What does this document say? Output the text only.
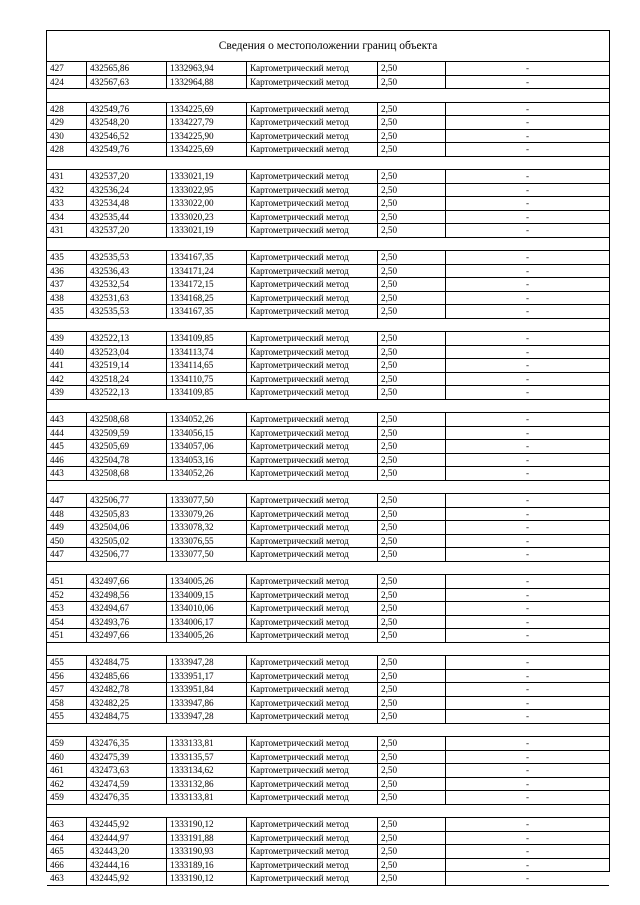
Сведения о местоположении границ объекта
427	432565,86	1332963,94	Картометрический метод	2,50	-
424	432567,63	1332964,88	Картометрический метод	2,50	-
428	432549,76	1334225,69	Картометрический метод	2,50	-
429	432548,20	1334227,79	Картометрический метод	2,50	-
430	432546,52	1334225,90	Картометрический метод	2,50	-
428	432549,76	1334225,69	Картометрический метод	2,50	-
431	432537,20	1333021,19	Картометрический метод	2,50	-
432	432536,24	1333022,95	Картометрический метод	2,50	-
433	432534,48	1333022,00	Картометрический метод	2,50	-
434	432535,44	1333020,23	Картометрический метод	2,50	-
431	432537,20	1333021,19	Картометрический метод	2,50	-
435	432535,53	1334167,35	Картометрический метод	2,50	-
436	432536,43	1334171,24	Картометрический метод	2,50	-
437	432532,54	1334172,15	Картометрический метод	2,50	-
438	432531,63	1334168,25	Картометрический метод	2,50	-
435	432535,53	1334167,35	Картометрический метод	2,50	-
439	432522,13	1334109,85	Картометрический метод	2,50	-
440	432523,04	1334113,74	Картометрический метод	2,50	-
441	432519,14	1334114,65	Картометрический метод	2,50	-
442	432518,24	1334110,75	Картометрический метод	2,50	-
439	432522,13	1334109,85	Картометрический метод	2,50	-
443	432508,68	1334052,26	Картометрический метод	2,50	-
444	432509,59	1334056,15	Картометрический метод	2,50	-
445	432505,69	1334057,06	Картометрический метод	2,50	-
446	432504,78	1334053,16	Картометрический метод	2,50	-
443	432508,68	1334052,26	Картометрический метод	2,50	-
447	432506,77	1333077,50	Картометрический метод	2,50	-
448	432505,83	1333079,26	Картометрический метод	2,50	-
449	432504,06	1333078,32	Картометрический метод	2,50	-
450	432505,02	1333076,55	Картометрический метод	2,50	-
447	432506,77	1333077,50	Картометрический метод	2,50	-
451	432497,66	1334005,26	Картометрический метод	2,50	-
452	432498,56	1334009,15	Картометрический метод	2,50	-
453	432494,67	1334010,06	Картометрический метод	2,50	-
454	432493,76	1334006,17	Картометрический метод	2,50	-
451	432497,66	1334005,26	Картометрический метод	2,50	-
455	432484,75	1333947,28	Картометрический метод	2,50	-
456	432485,66	1333951,17	Картометрический метод	2,50	-
457	432482,78	1333951,84	Картометрический метод	2,50	-
458	432482,25	1333947,86	Картометрический метод	2,50	-
455	432484,75	1333947,28	Картометрический метод	2,50	-
459	432476,35	1333133,81	Картометрический метод	2,50	-
460	432475,39	1333135,57	Картометрический метод	2,50	-
461	432473,63	1333134,62	Картометрический метод	2,50	-
462	432474,59	1333132,86	Картометрический метод	2,50	-
459	432476,35	1333133,81	Картометрический метод	2,50	-
463	432445,92	1333190,12	Картометрический метод	2,50	-
464	432444,97	1333191,88	Картометрический метод	2,50	-
465	432443,20	1333190,93	Картометрический метод	2,50	-
466	432444,16	1333189,16	Картометрический метод	2,50	-
463	432445,92	1333190,12	Картометрический метод	2,50	-
